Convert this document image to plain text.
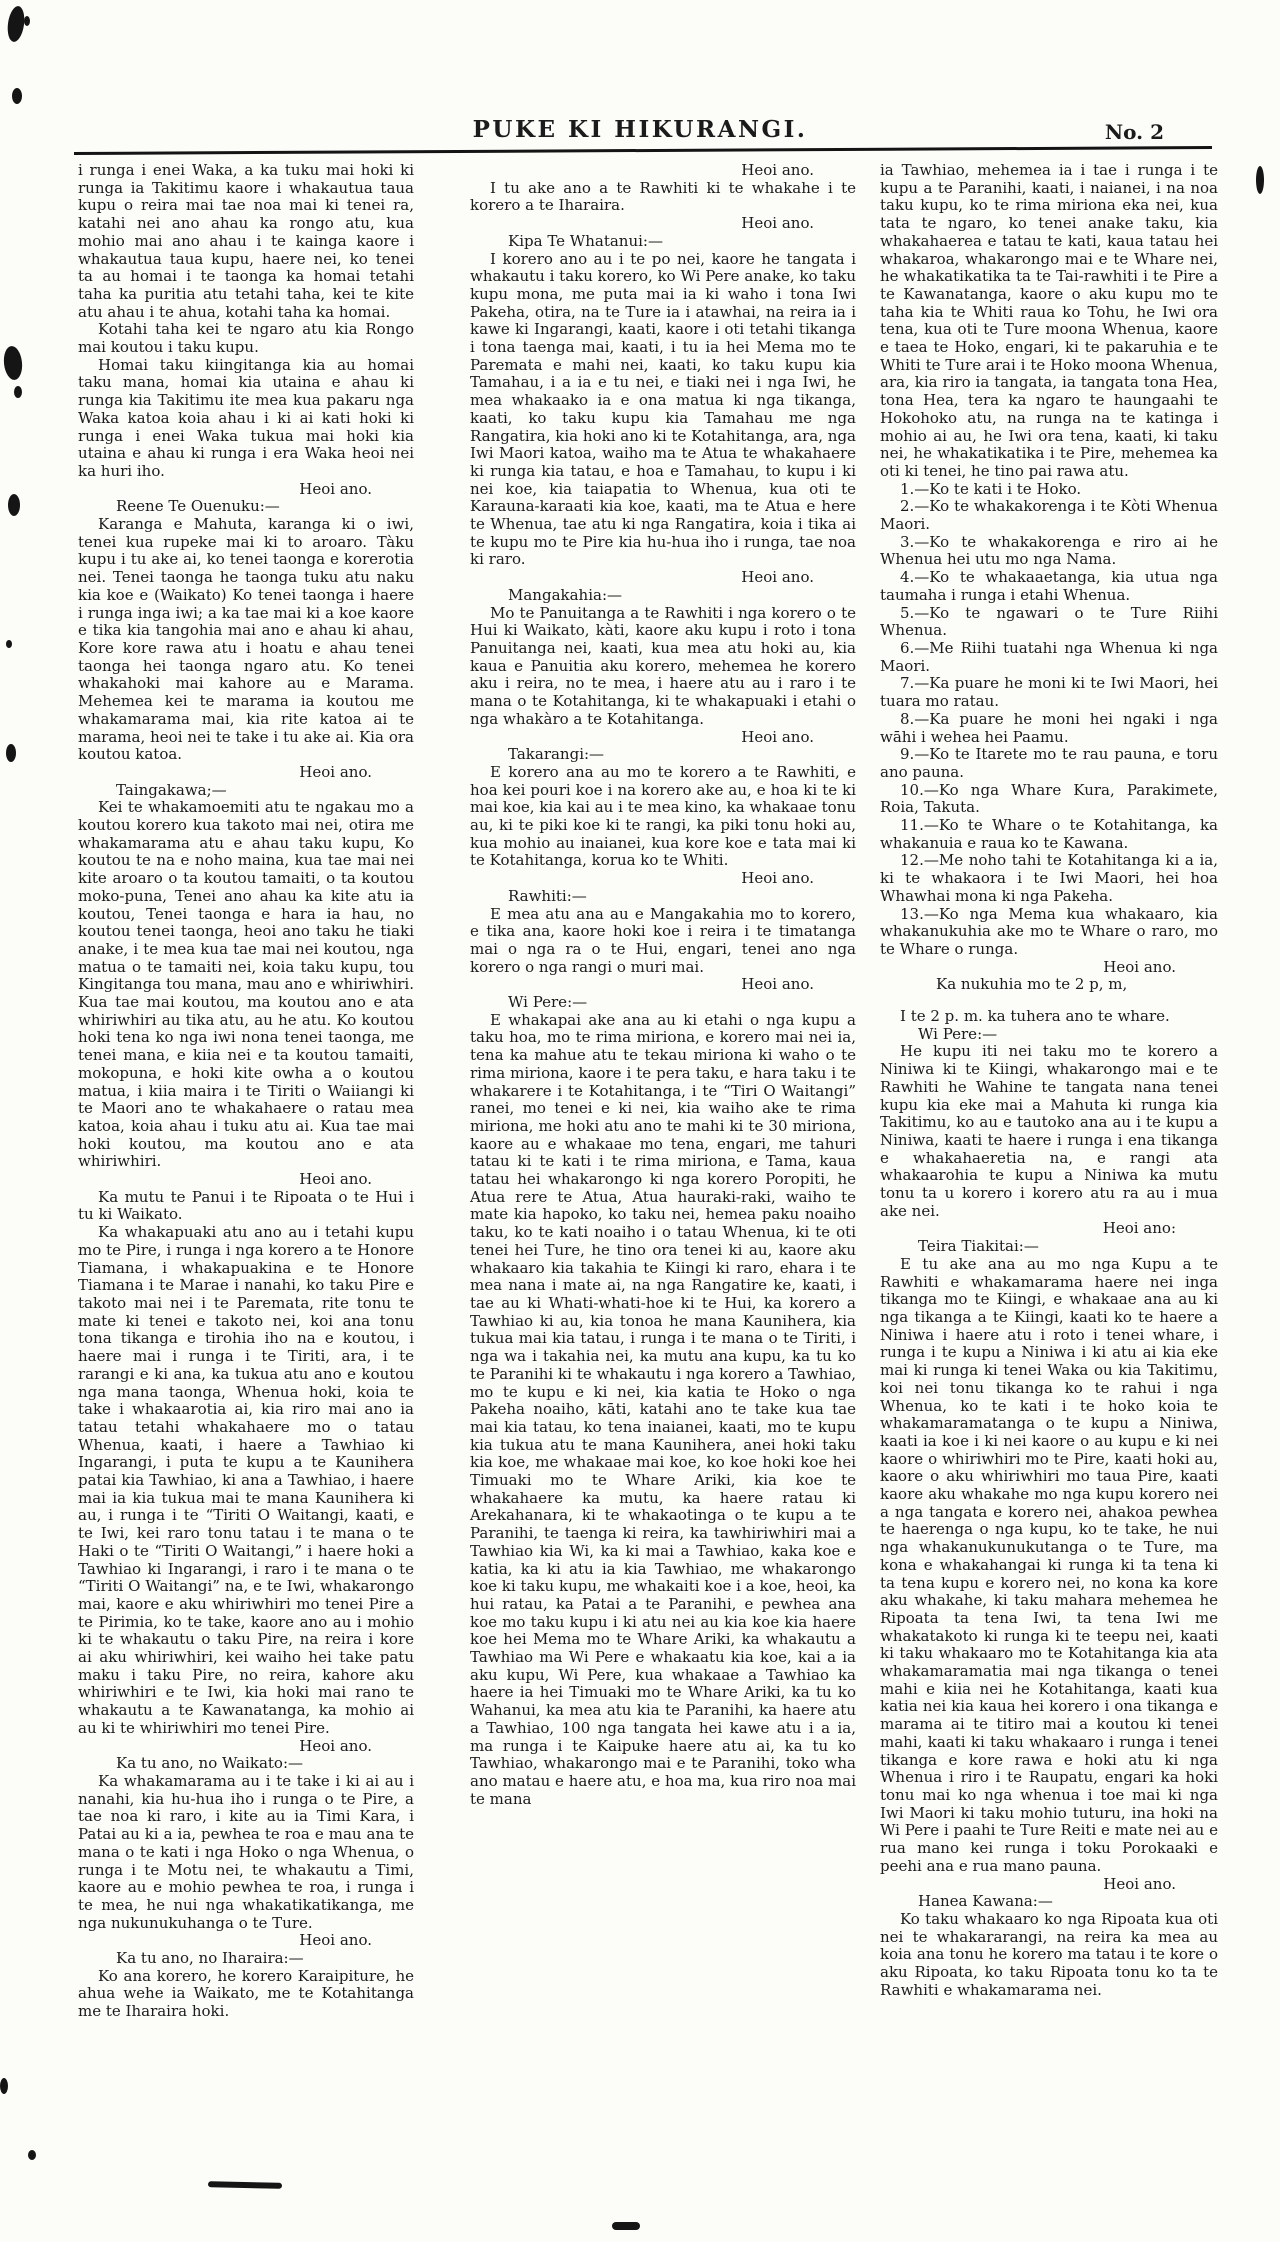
PUKE KI HIKURANGI.	No. 2

i runga i enei Waka, a ka tuku mai hoki ki runga ia Takitimu kaore i whakautua taua kupu o reira mai tae noa mai ki tenei ra, katahi nei ano ahau ka rongo atu, kua mohio mai ano ahau i te kainga kaore i whakautua taua kupu, haere nei, ko tenei ta au homai i te taonga ka homai tetahi taha ka puritia atu tetahi taha, kei te kite atu ahau i te ahua, kotahi taha ka homai.

Kotahi taha kei te ngaro atu kia Rongo mai koutou i taku kupu.

Homai taku kiingitanga kia au homai taku mana, homai kia utaina e ahau ki runga kia Takitimu ite mea kua pakaru nga Waka katoa koia ahau i ki ai kati hoki ki runga i enei Waka tukua mai hoki kia utaina e ahau ki runga i era Waka heoi nei ka huri iho.

Heoi ano.

Reene Te Ouenuku:—

Karanga e Mahuta, karanga ki o iwi, tenei kua rupeke mai ki to aroaro. Tàku kupu i tu ake ai, ko tenei taonga e korerotia nei. Tenei taonga he taonga tuku atu naku kia koe e (Waikato) Ko tenei taonga i haere i runga inga iwi; a ka tae mai ki a koe kaore e tika kia tangohia mai ano e ahau ki ahau, Kore kore rawa atu i hoatu e ahau tenei taonga hei taonga ngaro atu. Ko tenei whakahoki mai kahore au e Marama. Mehemea kei te marama ia koutou me whakamarama mai, kia rite katoa ai te marama, heoi nei te take i tu ake ai. Kia ora koutou katoa.

Heoi ano.

Taingakawa;—

Kei te whakamoemiti atu te ngakau mo a koutou korero kua takoto mai nei, otira me whakamarama atu e ahau taku kupu, Ko koutou te na e noho maina, kua tae mai nei kite aroaro o ta koutou tamaiti, o ta koutou moko-puna, Tenei ano ahau ka kite atu ia koutou, Tenei taonga e hara ia hau, no koutou tenei taonga, heoi ano taku he tiaki anake, i te mea kua tae mai nei koutou, nga matua o te tamaiti nei, koia taku kupu, tou Kingitanga tou mana, mau ano e whiriwhiri. Kua tae mai koutou, ma koutou ano e ata whiriwhiri au tika atu, au he atu. Ko koutou hoki tena ko nga iwi nona tenei taonga, me tenei mana, e kiia nei e ta koutou tamaiti, mokopuna, e hoki kite owha a o koutou matua, i kiia maira i te Tiriti o Waiiangi ki te Maori ano te whakahaere o ratau mea katoa, koia ahau i tuku atu ai. Kua tae mai hoki koutou, ma koutou ano e ata whiriwhiri.

Heoi ano.

Ka mutu te Panui i te Ripoata o te Hui i tu ki Waikato.

Ka whakapuaki atu ano au i tetahi kupu mo te Pire, i runga i nga korero a te Honore Tiamana, i whakapuakina e te Honore Tiamana i te Marae i nanahi, ko taku Pire e takoto mai nei i te Paremata, rite tonu te mate ki tenei e takoto nei, koi ana tonu tona tikanga e tirohia iho na e koutou, i haere mai i runga i te Tiriti, ara, i te rarangi e ki ana, ka tukua atu ano e koutou nga mana taonga, Whenua hoki, koia te take i whakaarotia ai, kia riro mai ano ia tatau tetahi whakahaere mo o tatau Whenua, kaati, i haere a Tawhiao ki Ingarangi, i puta te kupu a te Kaunihera patai kia Tawhiao, ki ana a Tawhiao, i haere mai ia kia tukua mai te mana Kaunihera ki au, i runga i te “Tiriti O Waitangi, kaati, e te Iwi, kei raro tonu tatau i te mana o te Haki o te “Tiriti O Waitangi,” i haere hoki a Tawhiao ki Ingarangi, i raro i te mana o te “Tiriti O Waitangi” na, e te Iwi, whakarongo mai, kaore e aku whiriwhiri mo tenei Pire a te Pirimia, ko te take, kaore ano au i mohio ki te whakautu o taku Pire, na reira i kore ai aku whiriwhiri, kei waiho hei take patu maku i taku Pire, no reira, kahore aku whiriwhiri e te Iwi, kia hoki mai rano te whakautu a te Kawanatanga, ka mohio ai au ki te whiriwhiri mo tenei Pire.

Heoi ano.

Ka tu ano, no Waikato:—

Ka whakamarama au i te take i ki ai au i nanahi, kia hu-hua iho i runga o te Pire, a tae noa ki raro, i kite au ia Timi Kara, i Patai au ki a ia, pewhea te roa e mau ana te mana o te kati i nga Hoko o nga Whenua, o runga i te Motu nei, te whakautu a Timi, kaore au e mohio pewhea te roa, i runga i te mea, he nui nga whakatikatikanga, me nga nukunukuhanga o te Ture.

Heoi ano.

Ka tu ano, no Iharaira:—

Ko ana korero, he korero Karaipiture, he ahua wehe ia Waikato, me te Kotahitanga me te Iharaira hoki.

Heoi ano.

I tu ake ano a te Rawhiti ki te whakahe i te korero a te Iharaira.

Heoi ano.

Kipa Te Whatanui:—

I korero ano au i te po nei, kaore he tangata i whakautu i taku korero, ko Wi Pere anake, ko taku kupu mona, me puta mai ia ki waho i tona Iwi Pakeha, otira, na te Ture ia i atawhai, na reira ia i kawe ki Ingarangi, kaati, kaore i oti tetahi tikanga i tona taenga mai, kaati, i tu ia hei Mema mo te Paremata e mahi nei, kaati, ko taku kupu kia Tamahau, i a ia e tu nei, e tiaki nei i nga Iwi, he mea whakaako ia e ona matua ki nga tikanga, kaati, ko taku kupu kia Tamahau me nga Rangatira, kia hoki ano ki te Kotahitanga, ara, nga Iwi Maori katoa, waiho ma te Atua te whakahaere ki runga kia tatau, e hoa e Tamahau, to kupu i ki nei koe, kia taiapatia to Whenua, kua oti te Karauna-karaati kia koe, kaati, ma te Atua e here te Whenua, tae atu ki nga Rangatira, koia i tika ai te kupu mo te Pire kia hu-hua iho i runga, tae noa ki raro.

Heoi ano.

Mangakahia:—

Mo te Panuitanga a te Rawhiti i nga korero o te Hui ki Waikato, kàti, kaore aku kupu i roto i tona Panuitanga nei, kaati, kua mea atu hoki au, kia kaua e Panuitia aku korero, mehemea he korero aku i reira, no te mea, i haere atu au i raro i te mana o te Kotahitanga, ki te whakapuaki i etahi o nga whakàro a te Kotahitanga.

Heoi ano.

Takarangi:—

E korero ana au mo te korero a te Rawhiti, e hoa kei pouri koe i na korero ake au, e hoa ki te ki mai koe, kia kai au i te mea kino, ka whakaae tonu au, ki te piki koe ki te rangi, ka piki tonu hoki au, kua mohio au inaianei, kua kore koe e tata mai ki te Kotahitanga, korua ko te Whiti.

Heoi ano.

Rawhiti:—

E mea atu ana au e Mangakahia mo to korero, e tika ana, kaore hoki koe i reira i te timatanga mai o nga ra o te Hui, engari, tenei ano nga korero o nga rangi o muri mai.

Heoi ano.

Wi Pere:—

E whakapai ake ana au ki etahi o nga kupu a taku hoa, mo te rima miriona, e korero mai nei ia, tena ka mahue atu te tekau miriona ki waho o te rima miriona, kaore i te pera taku, e hara taku i te whakarere i te Kotahitanga, i te “Tiri O Waitangi” ranei, mo tenei e ki nei, kia waiho ake te rima miriona, me hoki atu ano te mahi ki te 30 miriona, kaore au e whakaae mo tena, engari, me tahuri tatau ki te kati i te rima miriona, e Tama, kaua tatau hei whakarongo ki nga korero Poropiti, he Atua rere te Atua, Atua hauraki-raki, waiho te mate kia hapoko, ko taku nei, hemea paku noaiho taku, ko te kati noaiho i o tatau Whenua, ki te oti tenei hei Ture, he tino ora tenei ki au, kaore aku whakaaro kia takahia te Kiingi ki raro, ehara i te mea nana i mate ai, na nga Rangatire ke, kaati, i tae au ki Whati-whati-hoe ki te Hui, ka korero a Tawhiao ki au, kia tonoa he mana Kaunihera, kia tukua mai kia tatau, i runga i te mana o te Tiriti, i nga wa i takahia nei, ka mutu ana kupu, ka tu ko te Paranihi ki te whakautu i nga korero a Tawhiao, mo te kupu e ki nei, kia katia te Hoko o nga Pakeha noaiho, kāti, katahi ano te take kua tae mai kia tatau, ko tena inaianei, kaati, mo te kupu kia tukua atu te mana Kaunihera, anei hoki taku kia koe, me whakaae mai koe, ko koe hoki koe hei Timuaki mo te Whare Ariki, kia koe te whakahaere ka mutu, ka haere ratau ki Arekahanara, ki te whakaotinga o te kupu a te Paranihi, te taenga ki reira, ka tawhiriwhiri mai a Tawhiao kia Wi, ka ki mai a Tawhiao, kaka koe e katia, ka ki atu ia kia Tawhiao, me whakarongo koe ki taku kupu, me whakaiti koe i a koe, heoi, ka hui ratau, ka Patai a te Paranihi, e pewhea ana koe mo taku kupu i ki atu nei au kia koe kia haere koe hei Mema mo te Whare Ariki, ka whakautu a Tawhiao ma Wi Pere e whakaatu kia koe, kai a ia aku kupu, Wi Pere, kua whakaae a Tawhiao ka haere ia hei Timuaki mo te Whare Ariki, ka tu ko Wahanui, ka mea atu kia te Paranihi, ka haere atu a Tawhiao, 100 nga tangata hei kawe atu i a ia, ma runga i te Kaipuke haere atu ai, ka tu ko Tawhiao, whakarongo mai e te Paranihi, toko wha ano matau e haere atu, e hoa ma, kua riro noa mai te mana

ia Tawhiao, mehemea ia i tae i runga i te kupu a te Paranihi, kaati, i naianei, i na noa taku kupu, ko te rima miriona eka nei, kua tata te ngaro, ko tenei anake taku, kia whakahaerea e tatau te kati, kaua tatau hei whakaroa, whakarongo mai e te Whare nei, he whakatikatika ta te Tai-rawhiti i te Pire a te Kawanatanga, kaore o aku kupu mo te taha kia te Whiti raua ko Tohu, he Iwi ora tena, kua oti te Ture moona Whenua, kaore e taea te Hoko, engari, ki te pakaruhia e te Whiti te Ture arai i te Hoko moona Whenua, ara, kia riro ia tangata, ia tangata tona Hea, tona Hea, tera ka ngaro te haungaahi te Hokohoko atu, na runga na te katinga i mohio ai au, he Iwi ora tena, kaati, ki taku nei, he whakatikatika i te Pire, mehemea ka oti ki tenei, he tino pai rawa atu.

1.—Ko te kati i te Hoko.

2.—Ko te whakakorenga i te Kòti Whenua Maori.

3.—Ko te whakakorenga e riro ai he Whenua hei utu mo nga Nama.

4.—Ko te whakaaetanga, kia utua nga taumaha i runga i etahi Whenua.

5.—Ko te ngawari o te Ture Riihi Whenua.

6.—Me Riihi tuatahi nga Whenua ki nga Maori.

7.—Ka puare he moni ki te Iwi Maori, hei tuara mo ratau.

8.—Ka puare he moni hei ngaki i nga wāhi i wehea hei Paamu.

9.—Ko te Itarete mo te rau pauna, e toru ano pauna.

10.—Ko nga Whare Kura, Parakimete, Roia, Takuta.

11.—Ko te Whare o te Kotahitanga, ka whakanuia e raua ko te Kawana.

12.—Me noho tahi te Kotahitanga ki a ia, ki te whakaora i te Iwi Maori, hei hoa Whawhai mona ki nga Pakeha.

13.—Ko nga Mema kua whakaaro, kia whakanukuhia ake mo te Whare o raro, mo te Whare o runga.

Heoi ano.

Ka nukuhia mo te 2 p, m,

I te 2 p. m. ka tuhera ano te whare.

Wi Pere:—

He kupu iti nei taku mo te korero a Niniwa ki te Kiingi, whakarongo mai e te Rawhiti he Wahine te tangata nana tenei kupu kia eke mai a Mahuta ki runga kia Takitimu, ko au e tautoko ana au i te kupu a Niniwa, kaati te haere i runga i ena tikanga e whakahaeretia na, e rangi ata whakaarohia te kupu a Niniwa ka mutu tonu ta u korero i korero atu ra au i mua ake nei.

Heoi ano:

Teira Tiakitai:—

E tu ake ana au mo nga Kupu a te Rawhiti e whakamarama haere nei inga tikanga mo te Kiingi, e whakaae ana au ki nga tikanga a te Kiingi, kaati ko te haere a Niniwa i haere atu i roto i tenei whare, i runga i te kupu a Niniwa i ki atu ai kia eke mai ki runga ki tenei Waka ou kia Takitimu, koi nei tonu tikanga ko te rahui i nga Whenua, ko te kati i te hoko koia te whakamaramatanga o te kupu a Niniwa, kaati ia koe i ki nei kaore o au kupu e ki nei kaore o whiriwhiri mo te Pire, kaati hoki au, kaore o aku whiriwhiri mo taua Pire, kaati kaore aku whakahe mo nga kupu korero nei a nga tangata e korero nei, ahakoa pewhea te haerenga o nga kupu, ko te take, he nui nga whakanukunukutanga o te Ture, ma kona e whakahangai ki runga ki ta tena ki ta tena kupu e korero nei, no kona ka kore aku whakahe, ki taku mahara mehemea he Ripoata ta tena Iwi, ta tena Iwi me whakatakoto ki runga ki te teepu nei, kaati ki taku whakaaro mo te Kotahitanga kia ata whakamaramatia mai nga tikanga o tenei mahi e kiia nei he Kotahitanga, kaati kua katia nei kia kaua hei korero i ona tikanga e marama ai te titiro mai a koutou ki tenei mahi, kaati ki taku whakaaro i runga i tenei tikanga e kore rawa e hoki atu ki nga Whenua i riro i te Raupatu, engari ka hoki tonu mai ko nga whenua i toe mai ki nga Iwi Maori ki taku mohio tuturu, ina hoki na Wi Pere i paahi te Ture Reiti e mate nei au e rua mano kei runga i toku Porokaaki e peehi ana e rua mano pauna.

Heoi ano.

Hanea Kawana:—

Ko taku whakaaro ko nga Ripoata kua oti nei te whakararangi, na reira ka mea au koia ana tonu he korero ma tatau i te kore o aku Ripoata, ko taku Ripoata tonu ko ta te Rawhiti e whakamarama nei.
